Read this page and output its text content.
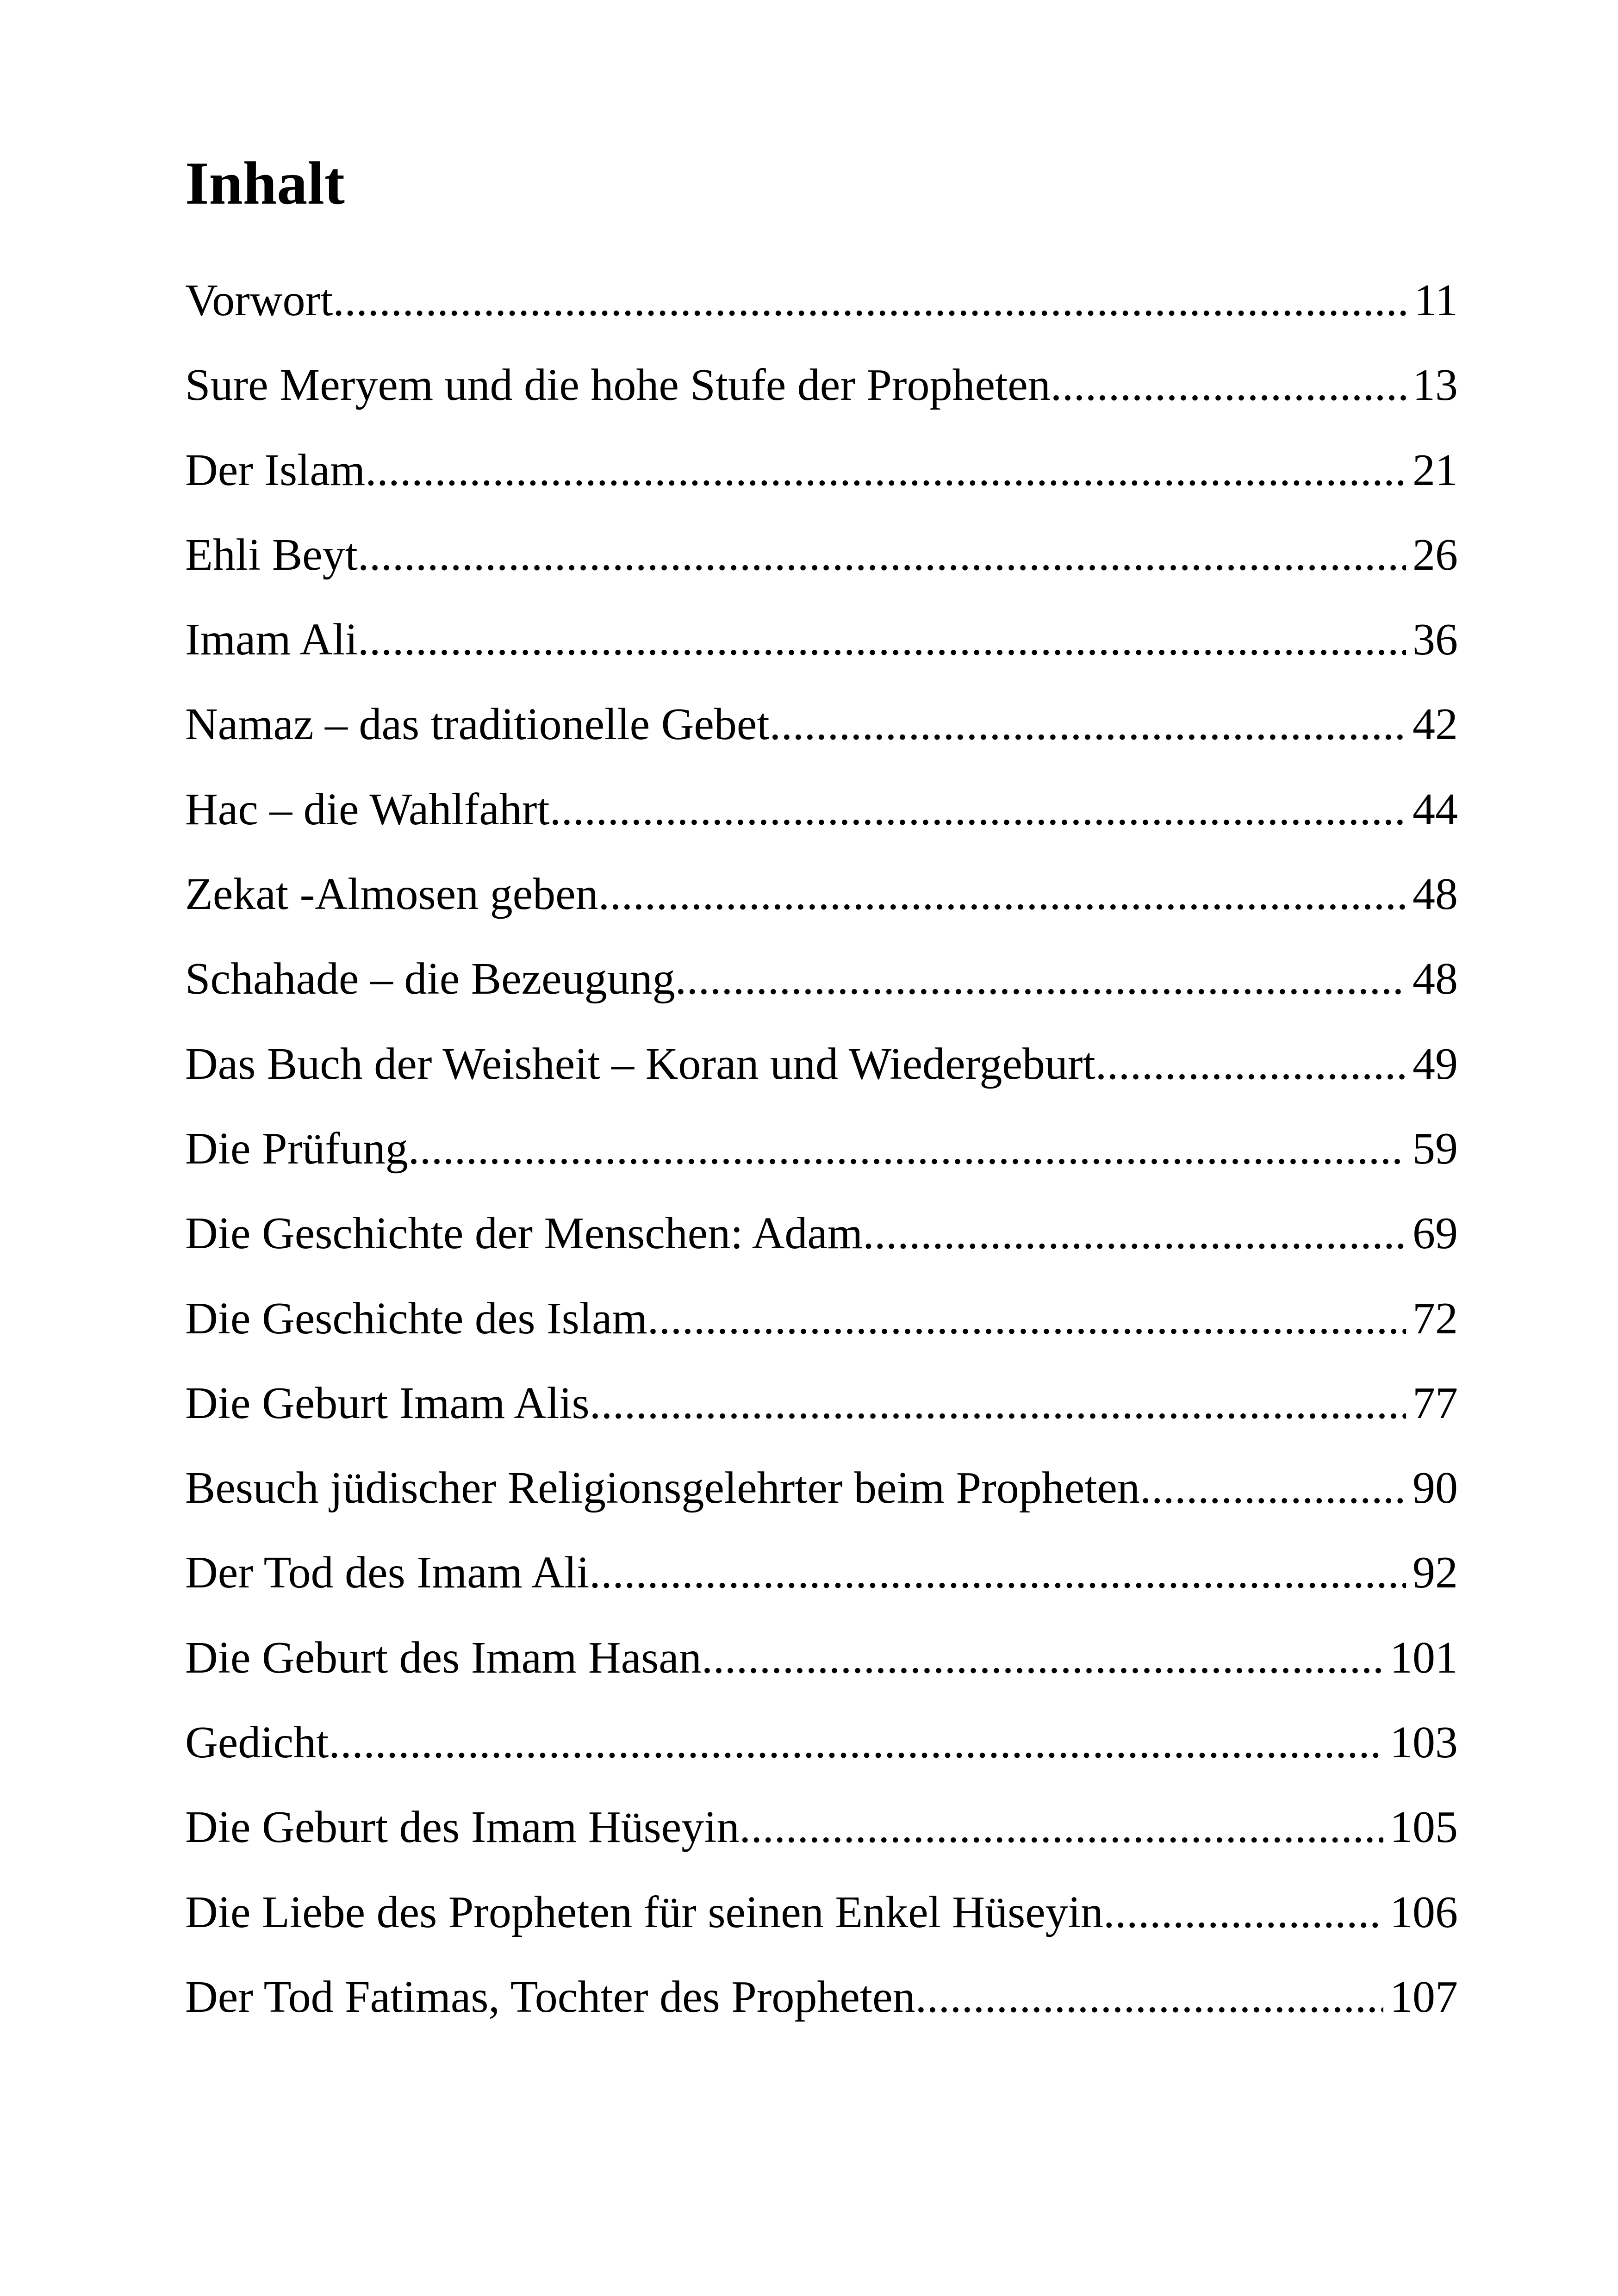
Inhalt
Vorwort .....	11
Sure Meryem und die hohe Stufe der Propheten .....	13
Der Islam .....	21
Ehli Beyt .....	26
Imam Ali .....	36
Namaz – das traditionelle Gebet .....	42
Hac – die Wahlfahrt .....	44
Zekat -Almosen geben .....	48
Schahade – die Bezeugung .....	48
Das Buch der Weisheit – Koran und Wiedergeburt .....	49
Die Prüfung .....	59
Die Geschichte der Menschen: Adam .....	69
Die Geschichte des Islam .....	72
Die Geburt Imam Alis .....	77
Besuch jüdischer Religionsgelehrter beim Propheten .....	90
Der Tod des Imam Ali .....	92
Die Geburt des Imam Hasan .....	101
Gedicht .....	103
Die Geburt des Imam Hüseyin .....	105
Die Liebe des Propheten für seinen Enkel Hüseyin .....	106
Der Tod Fatimas, Tochter des Propheten .....	107
